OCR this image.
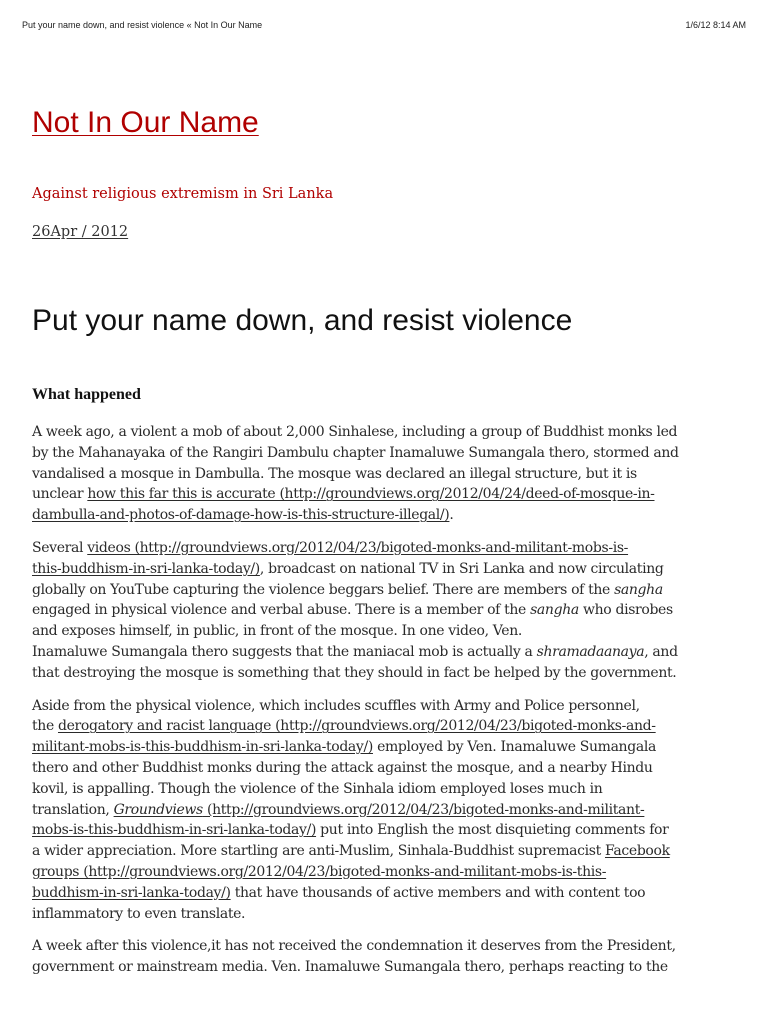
Put your name down, and resist violence « Not In Our Name	1/6/12 8:14 AM
Not In Our Name
Against religious extremism in Sri Lanka
26Apr / 2012
Put your name down, and resist violence
What happened

A week ago, a violent a mob of about 2,000 Sinhalese, including a group of Buddhist monks led
by the Mahanayaka of the Rangiri Dambulu chapter Inamaluwe Sumangala thero, stormed and
vandalised a mosque in Dambulla. The mosque was declared an illegal structure, but it is
unclear how this far this is accurate (http://groundviews.org/2012/04/24/deed-of-mosque-in-
dambulla-and-photos-of-damage-how-is-this-structure-illegal/).

Several videos (http://groundviews.org/2012/04/23/bigoted-monks-and-militant-mobs-is-
this-buddhism-in-sri-lanka-today/), broadcast on national TV in Sri Lanka and now circulating
globally on YouTube capturing the violence beggars belief. There are members of the sangha
engaged in physical violence and verbal abuse. There is a member of the sangha who disrobes
and exposes himself, in public, in front of the mosque. In one video, Ven.
Inamaluwe Sumangala thero suggests that the maniacal mob is actually a shramadaanaya, and
that destroying the mosque is something that they should in fact be helped by the government.

Aside from the physical violence, which includes scuffles with Army and Police personnel,
the derogatory and racist language (http://groundviews.org/2012/04/23/bigoted-monks-and-
militant-mobs-is-this-buddhism-in-sri-lanka-today/) employed by Ven. Inamaluwe Sumangala
thero and other Buddhist monks during the attack against the mosque, and a nearby Hindu
kovil, is appalling. Though the violence of the Sinhala idiom employed loses much in
translation, Groundviews (http://groundviews.org/2012/04/23/bigoted-monks-and-militant-
mobs-is-this-buddhism-in-sri-lanka-today/) put into English the most disquieting comments for
a wider appreciation. More startling are anti-Muslim, Sinhala-Buddhist supremacist Facebook
groups (http://groundviews.org/2012/04/23/bigoted-monks-and-militant-mobs-is-this-
buddhism-in-sri-lanka-today/) that have thousands of active members and with content too
inflammatory to even translate.

A week after this violence,it has not received the condemnation it deserves from the President,
government or mainstream media. Ven. Inamaluwe Sumangala thero, perhaps reacting to the
